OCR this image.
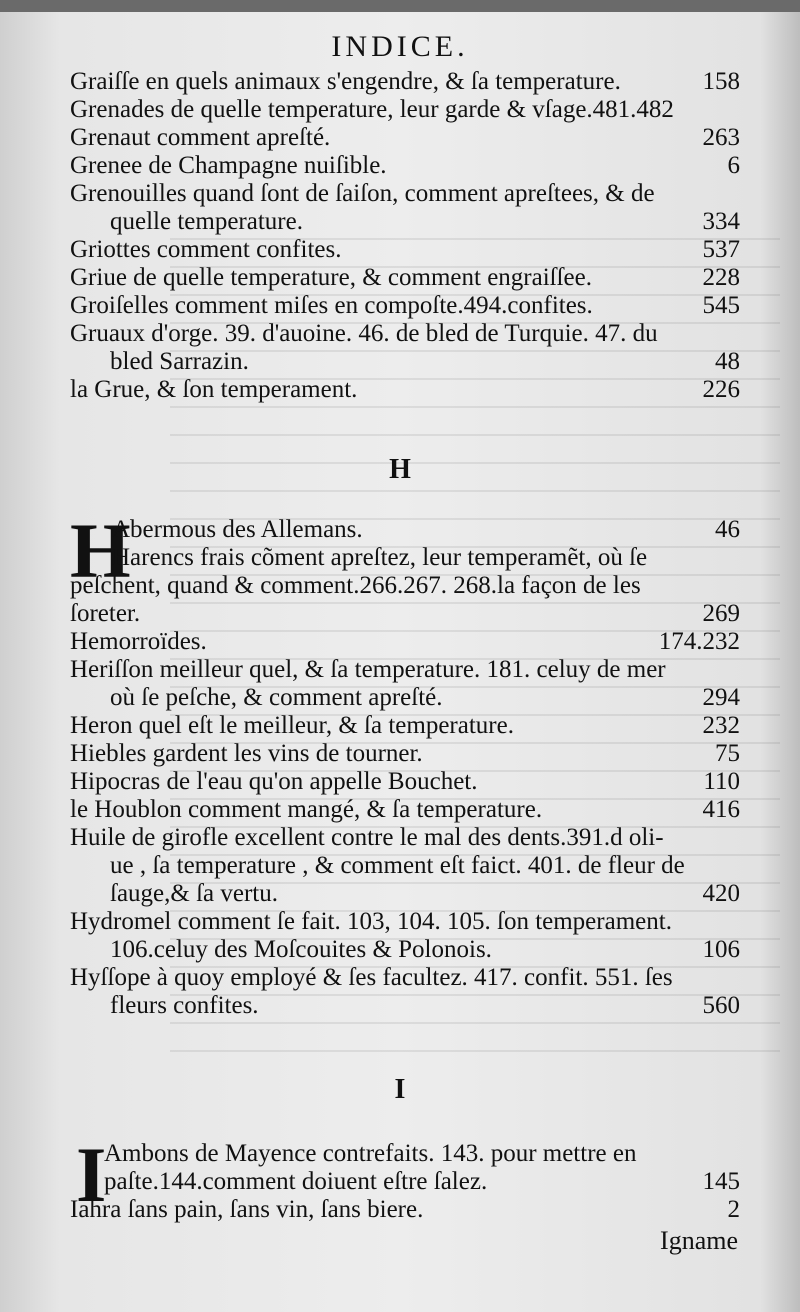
INDICE.
Graiſſe en quels animaux s'engendre, & ſa temperature.	158
Grenades de quelle temperature, leur garde & vſage.481.482
Grenaut comment apreſté.	263
Grenee de Champagne nuiſible.	6
Grenouilles quand ſont de ſaiſon, comment apreſtees, & de
quelle temperature.	334
Griottes comment confites.	537
Griue de quelle temperature, & comment engraiſſee.	228
Groiſelles comment miſes en compoſte.494.confites.	545
Gruaux d'orge. 39. d'auoine. 46. de bled de Turquie. 47. du
bled Sarrazin.	48
la Grue, & ſon temperament.	226
H
H
Abermous des Allemans.	46
Harencs frais cõment apreſtez, leur temperamẽt, où ſe
peſchent, quand & comment.266.267. 268.la façon de les
ſoreter.	269
Hemorroïdes.	174.232
Heriſſon meilleur quel, & ſa temperature. 181. celuy de mer
où ſe peſche, & comment apreſté.	294
Heron quel eſt le meilleur, & ſa temperature.	232
Hiebles gardent les vins de tourner.	75
Hipocras de l'eau qu'on appelle Bouchet.	110
le Houblon comment mangé, & ſa temperature.	416
Huile de girofle excellent contre le mal des dents.391.d oli-
ue , ſa temperature , & comment eſt faict. 401. de fleur de
ſauge,& ſa vertu.	420
Hydromel comment ſe fait. 103, 104. 105. ſon temperament.
106.celuy des Moſcouites & Polonois.	106
Hyſſope à quoy employé & ſes facultez. 417. confit. 551. ſes
fleurs confites.	560
I
I
Ambons de Mayence contrefaits. 143. pour mettre en
paſte.144.comment doiuent eſtre ſalez.	145
Iahra ſans pain, ſans vin, ſans biere.	2
Igname
